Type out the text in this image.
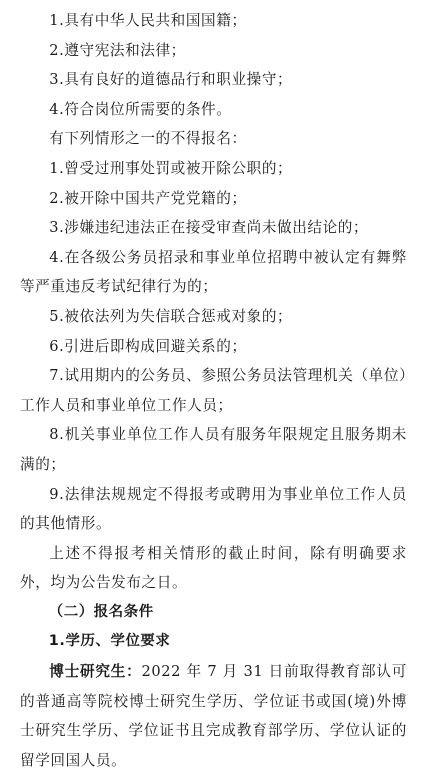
1.具有中华人民共和国国籍；

2.遵守宪法和法律；

3.具有良好的道德品行和职业操守；

4.符合岗位所需要的条件。

有下列情形之一的不得报名：

1.曾受过刑事处罚或被开除公职的；

2.被开除中国共产党党籍的；

3.涉嫌违纪违法正在接受审查尚未做出结论的；

4.在各级公务员招录和事业单位招聘中被认定有舞弊等严重违反考试纪律行为的；

5.被依法列为失信联合惩戒对象的；

6.引进后即构成回避关系的；

7.试用期内的公务员、参照公务员法管理机关（单位）工作人员和事业单位工作人员；

8.机关事业单位工作人员有服务年限规定且服务期未满的；

9.法律法规规定不得报考或聘用为事业单位工作人员的其他情形。

上述不得报考相关情形的截止时间，除有明确要求外，均为公告发布之日。

（二）报名条件

1.学历、学位要求

博士研究生：2022 年 7 月 31 日前取得教育部认可的普通高等院校博士研究生学历、学位证书或国(境)外博士研究生学历、学位证书且完成教育部学历、学位认证的留学回国人员。
